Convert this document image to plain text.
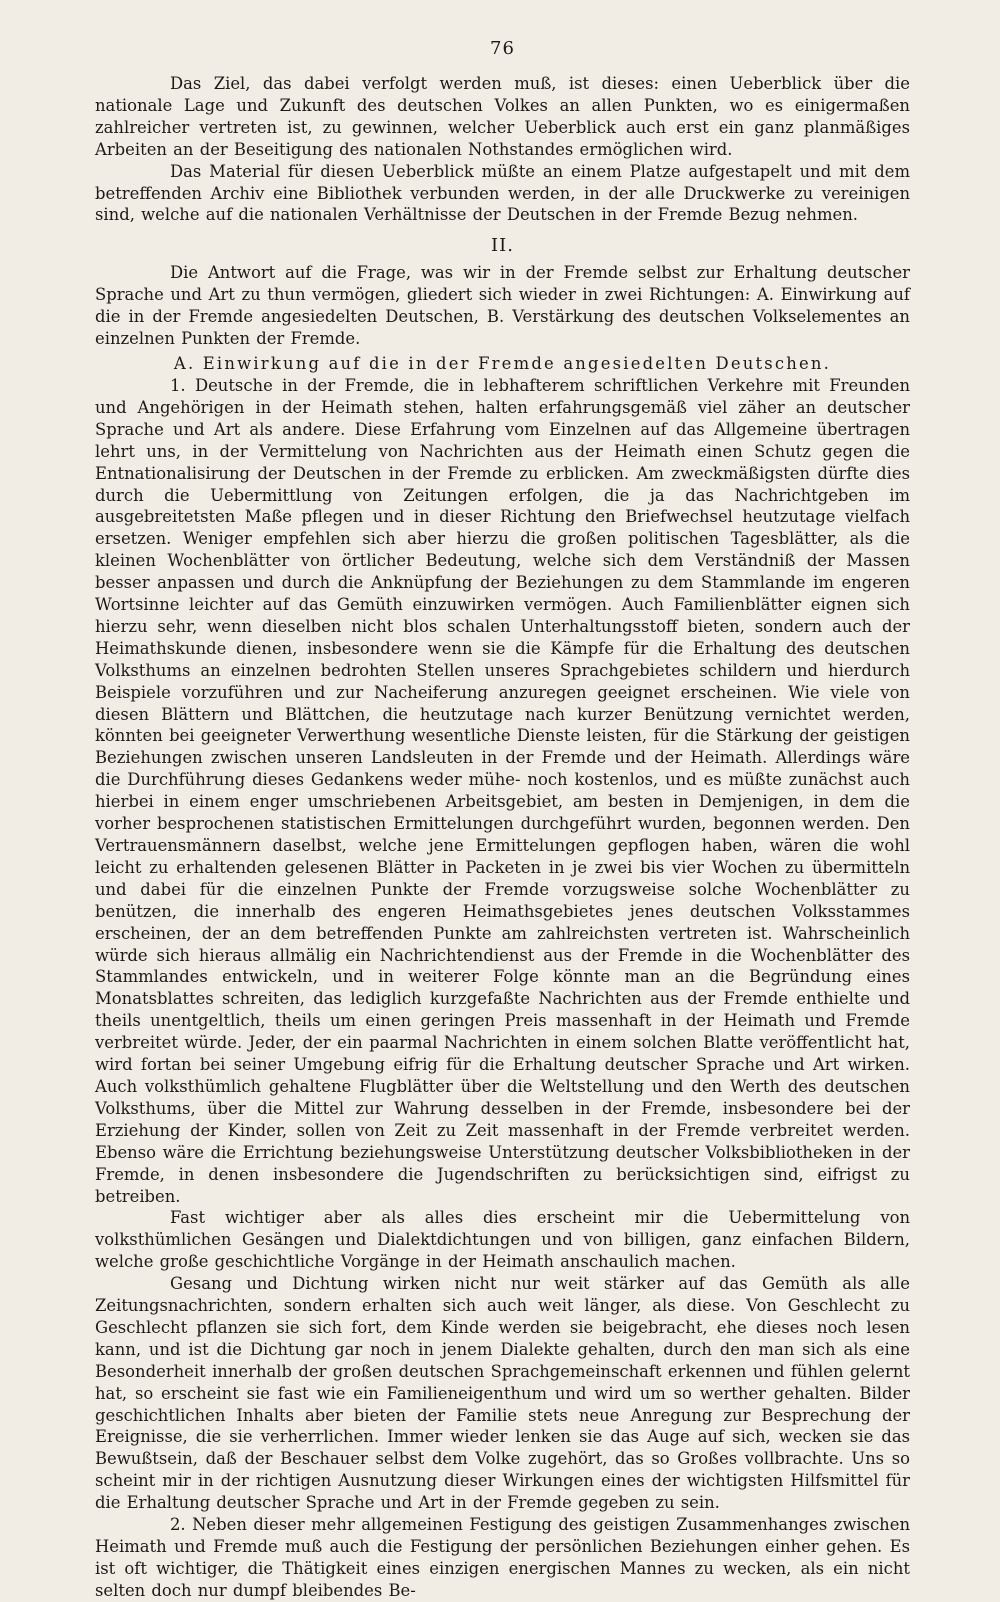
76

Das Ziel, das dabei verfolgt werden muß, ist dieses: einen Ueberblick über die nationale Lage und Zukunft des deutschen Volkes an allen Punkten, wo es einigermaßen zahlreicher vertreten ist, zu gewinnen, welcher Ueberblick auch erst ein ganz planmäßiges Arbeiten an der Beseitigung des nationalen Nothstandes ermöglichen wird.

Das Material für diesen Ueberblick müßte an einem Platze aufgestapelt und mit dem betreffenden Archiv eine Bibliothek verbunden werden, in der alle Druckwerke zu vereinigen sind, welche auf die nationalen Verhältnisse der Deutschen in der Fremde Bezug nehmen.

II.

Die Antwort auf die Frage, was wir in der Fremde selbst zur Erhaltung deutscher Sprache und Art zu thun vermögen, gliedert sich wieder in zwei Richtungen: A. Einwirkung auf die in der Fremde angesiedelten Deutschen, B. Verstärkung des deutschen Volkselementes an einzelnen Punkten der Fremde.

A. Einwirkung auf die in der Fremde angesiedelten Deutschen.

1. Deutsche in der Fremde, die in lebhafterem schriftlichen Verkehre mit Freunden und Angehörigen in der Heimath stehen, halten erfahrungsgemäß viel zäher an deutscher Sprache und Art als andere. Diese Erfahrung vom Einzelnen auf das Allgemeine übertragen lehrt uns, in der Vermittelung von Nachrichten aus der Heimath einen Schutz gegen die Entnationalisirung der Deutschen in der Fremde zu erblicken. Am zweckmäßigsten dürfte dies durch die Uebermittlung von Zeitungen erfolgen, die ja das Nachrichtgeben im ausgebreitetsten Maße pflegen und in dieser Richtung den Briefwechsel heutzutage vielfach ersetzen. Weniger empfehlen sich aber hierzu die großen politischen Tagesblätter, als die kleinen Wochenblätter von örtlicher Bedeutung, welche sich dem Verständniß der Massen besser anpassen und durch die Anknüpfung der Beziehungen zu dem Stammlande im engeren Wortsinne leichter auf das Gemüth einzuwirken vermögen. Auch Familienblätter eignen sich hierzu sehr, wenn dieselben nicht blos schalen Unterhaltungsstoff bieten, sondern auch der Heimathskunde dienen, insbesondere wenn sie die Kämpfe für die Erhaltung des deutschen Volksthums an einzelnen bedrohten Stellen unseres Sprachgebietes schildern und hierdurch Beispiele vorzuführen und zur Nacheiferung anzuregen geeignet erscheinen. Wie viele von diesen Blättern und Blättchen, die heutzutage nach kurzer Benützung vernichtet werden, könnten bei geeigneter Verwerthung wesentliche Dienste leisten, für die Stärkung der geistigen Beziehungen zwischen unseren Landsleuten in der Fremde und der Heimath. Allerdings wäre die Durchführung dieses Gedankens weder mühe- noch kostenlos, und es müßte zunächst auch hierbei in einem enger umschriebenen Arbeitsgebiet, am besten in Demjenigen, in dem die vorher besprochenen statistischen Ermittelungen durchgeführt wurden, begonnen werden. Den Vertrauensmännern daselbst, welche jene Ermittelungen gepflogen haben, wären die wohl leicht zu erhaltenden gelesenen Blätter in Packeten in je zwei bis vier Wochen zu übermitteln und dabei für die einzelnen Punkte der Fremde vorzugsweise solche Wochenblätter zu benützen, die innerhalb des engeren Heimathsgebietes jenes deutschen Volksstammes erscheinen, der an dem betreffenden Punkte am zahlreichsten vertreten ist. Wahrscheinlich würde sich hieraus allmälig ein Nachrichtendienst aus der Fremde in die Wochenblätter des Stammlandes entwickeln, und in weiterer Folge könnte man an die Begründung eines Monatsblattes schreiten, das lediglich kurzgefaßte Nachrichten aus der Fremde enthielte und theils unentgeltlich, theils um einen geringen Preis massenhaft in der Heimath und Fremde verbreitet würde. Jeder, der ein paarmal Nachrichten in einem solchen Blatte veröffentlicht hat, wird fortan bei seiner Umgebung eifrig für die Erhaltung deutscher Sprache und Art wirken. Auch volksthümlich gehaltene Flugblätter über die Weltstellung und den Werth des deutschen Volksthums, über die Mittel zur Wahrung desselben in der Fremde, insbesondere bei der Erziehung der Kinder, sollen von Zeit zu Zeit massenhaft in der Fremde verbreitet werden. Ebenso wäre die Errichtung beziehungsweise Unterstützung deutscher Volksbibliotheken in der Fremde, in denen insbesondere die Jugendschriften zu berücksichtigen sind, eifrigst zu betreiben.

Fast wichtiger aber als alles dies erscheint mir die Uebermittelung von volksthümlichen Gesängen und Dialektdichtungen und von billigen, ganz einfachen Bildern, welche große geschichtliche Vorgänge in der Heimath anschaulich machen.

Gesang und Dichtung wirken nicht nur weit stärker auf das Gemüth als alle Zeitungsnachrichten, sondern erhalten sich auch weit länger, als diese. Von Geschlecht zu Geschlecht pflanzen sie sich fort, dem Kinde werden sie beigebracht, ehe dieses noch lesen kann, und ist die Dichtung gar noch in jenem Dialekte gehalten, durch den man sich als eine Besonderheit innerhalb der großen deutschen Sprachgemeinschaft erkennen und fühlen gelernt hat, so erscheint sie fast wie ein Familieneigenthum und wird um so werther gehalten. Bilder geschichtlichen Inhalts aber bieten der Familie stets neue Anregung zur Besprechung der Ereignisse, die sie verherrlichen. Immer wieder lenken sie das Auge auf sich, wecken sie das Bewußtsein, daß der Beschauer selbst dem Volke zugehört, das so Großes vollbrachte. Uns so scheint mir in der richtigen Ausnutzung dieser Wirkungen eines der wichtigsten Hilfsmittel für die Erhaltung deutscher Sprache und Art in der Fremde gegeben zu sein.

2. Neben dieser mehr allgemeinen Festigung des geistigen Zusammenhanges zwischen Heimath und Fremde muß auch die Festigung der persönlichen Beziehungen einher gehen. Es ist oft wichtiger, die Thätigkeit eines einzigen energischen Mannes zu wecken, als ein nicht selten doch nur dumpf bleibendes Be-
